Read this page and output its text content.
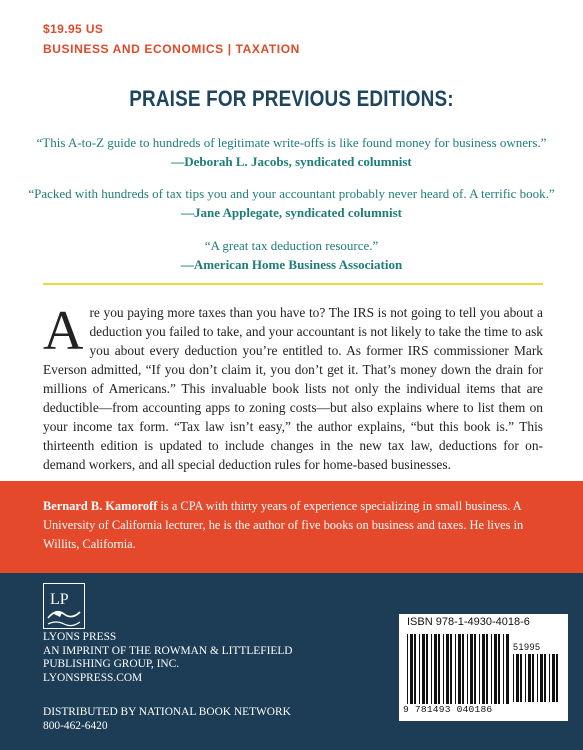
$19.95 US
BUSINESS AND ECONOMICS | TAXATION
PRAISE FOR PREVIOUS EDITIONS:
“This A-to-Z guide to hundreds of legitimate write-offs is like found money for business owners.”
—Deborah L. Jacobs, syndicated columnist
“Packed with hundreds of tax tips you and your accountant probably never heard of. A terrific book.”
—Jane Applegate, syndicated columnist
“A great tax deduction resource.”
—American Home Business Association
Are you paying more taxes than you have to? The IRS is not going to tell you about a deduction you failed to take, and your accountant is not likely to take the time to ask you about every deduction you’re entitled to. As former IRS commissioner Mark Everson admitted, “If you don’t claim it, you don’t get it. That’s money down the drain for millions of Americans.” This invaluable book lists not only the individual items that are deductible—from accounting apps to zoning costs—but also explains where to list them on your income tax form. “Tax law isn’t easy,” the author explains, “but this book is.” This thirteenth edition is updated to include changes in the new tax law, deductions for on-demand workers, and all special deduction rules for home-based businesses.
Bernard B. Kamoroff is a CPA with thirty years of experience specializing in small business. A University of California lecturer, he is the author of five books on business and taxes. He lives in Willits, California.
LP
LYONS PRESS
AN IMPRINT OF THE ROWMAN & LITTLEFIELD
PUBLISHING GROUP, INC.
LYONSPRESS.COM
DISTRIBUTED BY NATIONAL BOOK NETWORK
800-462-6420
ISBN 978-1-4930-4018-6
51995
9 781493 040186
